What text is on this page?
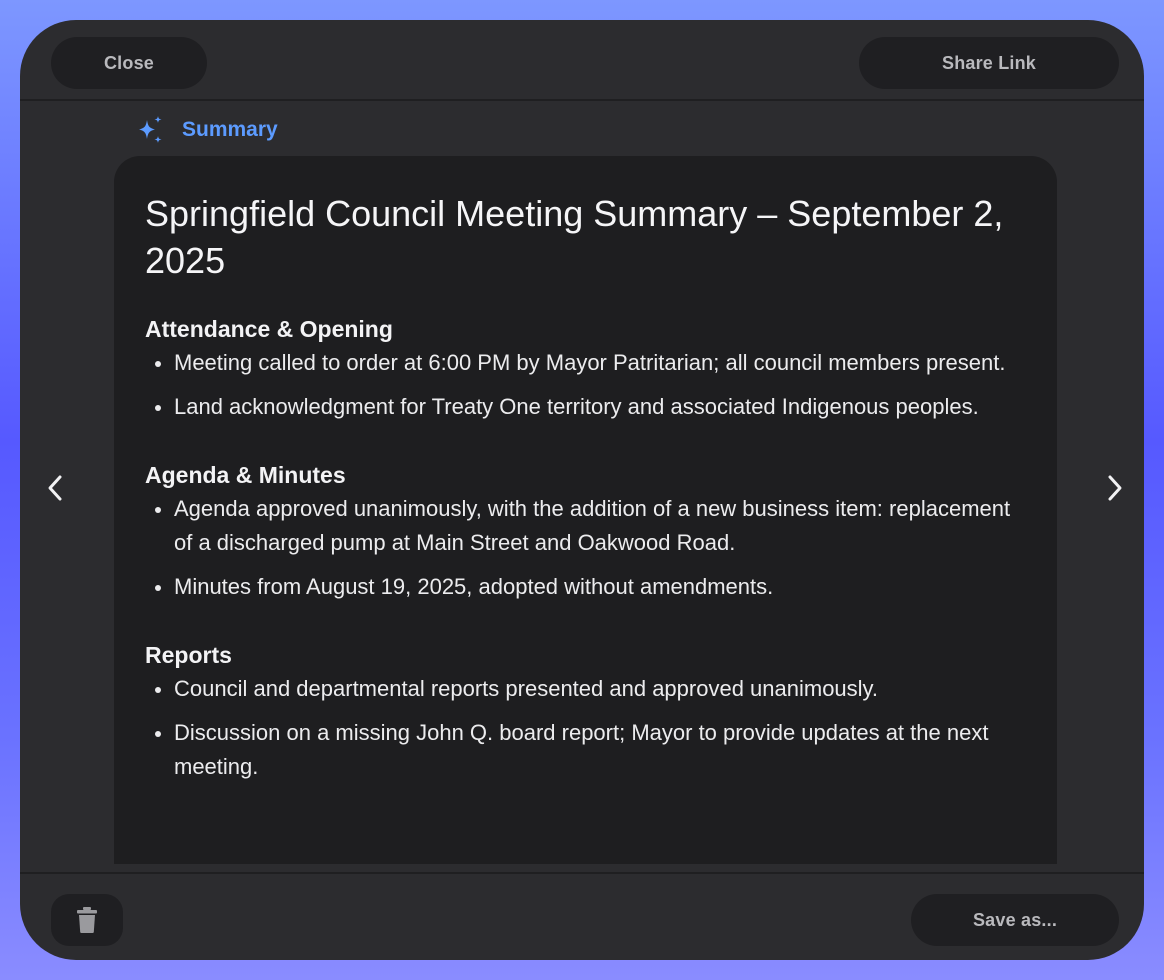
Close	Share Link
Summary
Springfield Council Meeting Summary – September 2, 2025
Attendance & Opening
Meeting called to order at 6:00 PM by Mayor Patritarian; all council members present.
Land acknowledgment for Treaty One territory and associated Indigenous peoples.
Agenda & Minutes
Agenda approved unanimously, with the addition of a new business item: replacement of a discharged pump at Main Street and Oakwood Road.
Minutes from August 19, 2025, adopted without amendments.
Reports
Council and departmental reports presented and approved unanimously.
Discussion on a missing John Q. board report; Mayor to provide updates at the next meeting.
Save as...
